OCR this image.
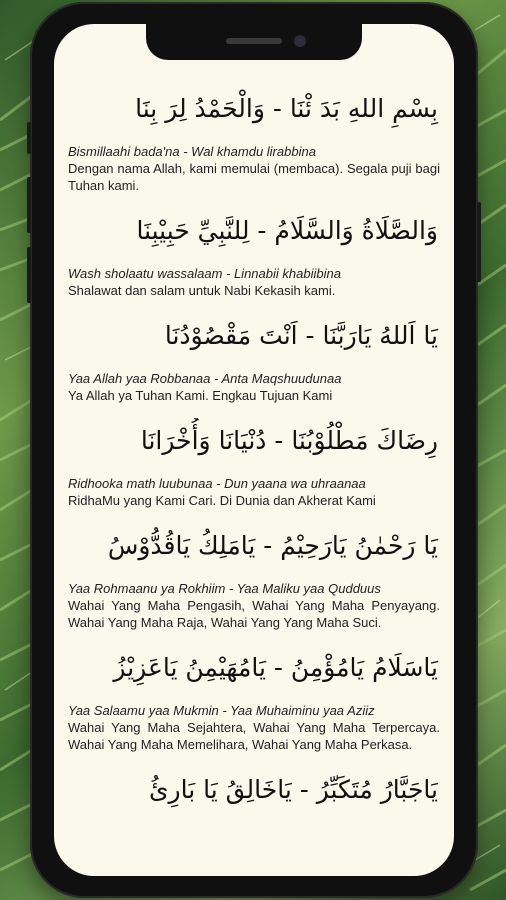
بِسْمِ اللهِ بَدَ ئْنَا - وَالْحَمْدُ لِرَ بِنَا
Bismillaahi bada'na - Wal khamdu lirabbina
Dengan nama Allah, kami memulai (membaca). Segala puji bagi Tuhan kami.
وَالصَّلَاةُ وَالسَّلَامُ - لِلنَّبِيِّ حَبِيْبِنَا
Wash sholaatu wassalaam - Linnabii khabiibina
Shalawat dan salam untuk Nabi Kekasih kami.
يَا اَللهُ يَارَبَّنَا - اَنْتَ مَقْصُوْدُنَا
Yaa Allah yaa Robbanaa - Anta Maqshuudunaa
Ya Allah ya Tuhan Kami. Engkau Tujuan Kami
رِضَاكَ مَطْلُوْبُنَا - دُنْيَانَا وَأُخْرَانَا
Ridhooka math luubunaa - Dun yaana wa uhraanaa
RidhaMu yang Kami Cari. Di Dunia dan Akherat Kami
يَا رَحْمٰنُ يَارَحِيْمُ - يَامَلِكُ يَاقُدُّوْسُ
Yaa Rohmaanu ya Rokhiim - Yaa Maliku yaa Qudduus
Wahai Yang Maha Pengasih, Wahai Yang Maha Penyayang. Wahai Yang Maha Raja, Wahai Yang Yang Maha Suci.
يَاسَلَامُ يَامُؤْمِنُ - يَامُهَيْمِنُ يَاعَزِيْزُ
Yaa Salaamu yaa Mukmin - Yaa Muhaiminu yaa Aziiz
Wahai Yang Maha Sejahtera, Wahai Yang Maha Terpercaya. Wahai Yang Maha Memelihara, Wahai Yang Maha Perkasa.
يَاجَبَّارُ مُتَكَبِّرُ - يَاخَالِقُ يَا بَارِئُ
